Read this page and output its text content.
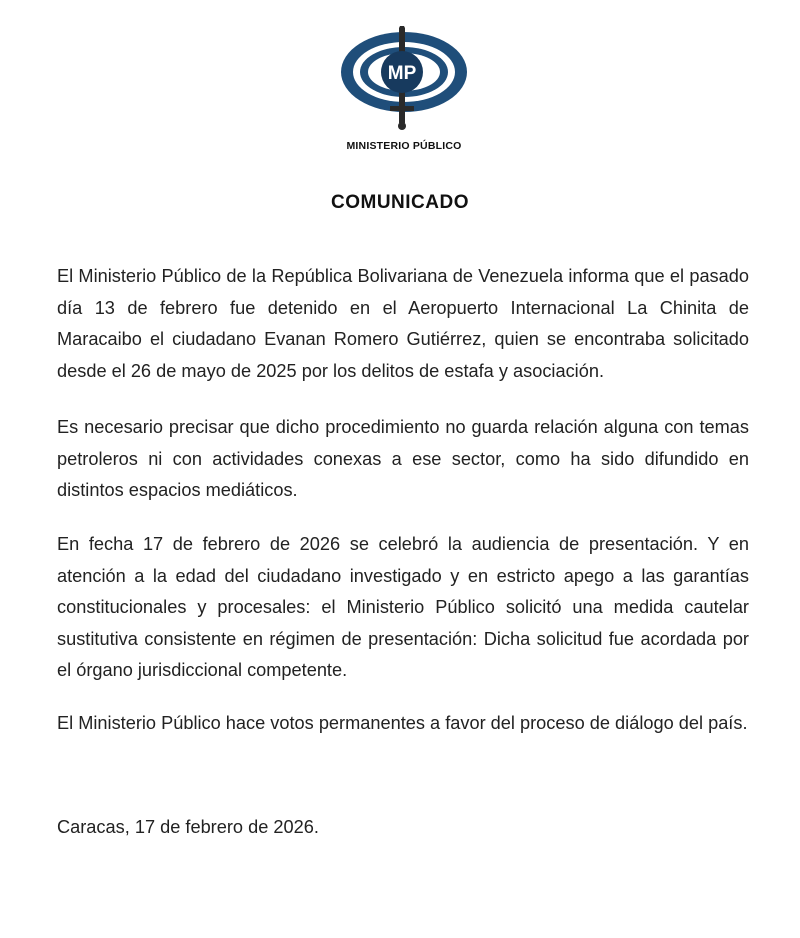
MP
MINISTERIO PÚBLICO
COMUNICADO

El Ministerio Público de la República Bolivariana de Venezuela informa que el pasado día 13 de febrero fue detenido en el Aeropuerto Internacional La Chinita de Maracaibo el ciudadano Evanan Romero Gutiérrez, quien se encontraba solicitado desde el 26 de mayo de 2025 por los delitos de estafa y asociación.

Es necesario precisar que dicho procedimiento no guarda relación alguna con temas petroleros ni con actividades conexas a ese sector, como ha sido difundido en distintos espacios mediáticos.

En fecha 17 de febrero de 2026 se celebró la audiencia de presentación. Y en atención a la edad del ciudadano investigado y en estricto apego a las garantías constitucionales y procesales: el Ministerio Público solicitó una medida cautelar sustitutiva consistente en régimen de presentación: Dicha solicitud fue acordada por el órgano jurisdiccional competente.

El Ministerio Público hace votos permanentes a favor del proceso de diálogo del país.

Caracas, 17 de febrero de 2026.
